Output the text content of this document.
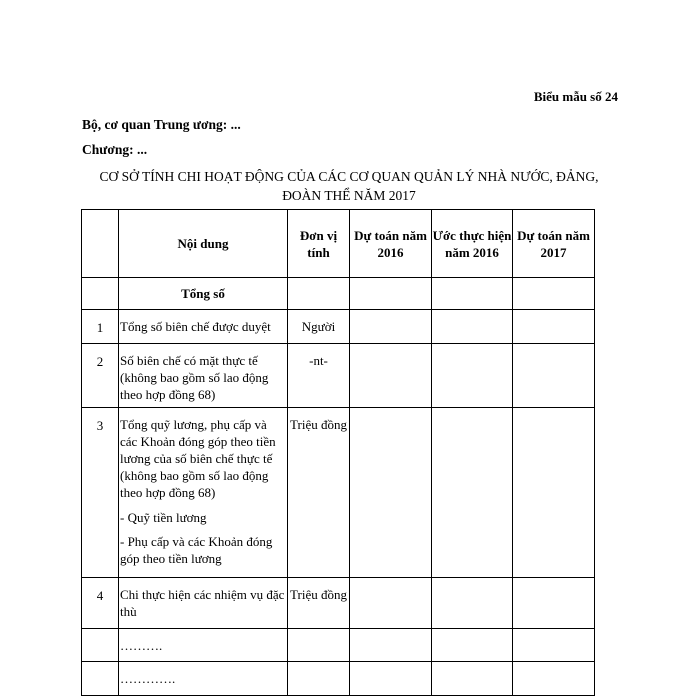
Biểu mẫu số 24
Bộ, cơ quan Trung ương: ...
Chương: ...
CƠ SỞ TÍNH CHI HOẠT ĐỘNG CỦA CÁC CƠ QUAN QUẢN LÝ NHÀ NƯỚC, ĐẢNG,
ĐOÀN THỂ NĂM 2017
	Nội dung	Đơn vị tính	Dự toán năm 2016	Ước thực hiện năm 2016	Dự toán năm 2017
	Tổng số				
1	Tổng số biên chế được duyệt	Người			
2	Số biên chế có mặt thực tế (không bao gồm số lao động theo hợp đồng 68)	-nt-			
3	Tổng quỹ lương, phụ cấp và các Khoản đóng góp theo tiền lương của số biên chế thực tế (không bao gồm số lao động theo hợp đồng 68)
- Quỹ tiền lương
- Phụ cấp và các Khoản đóng góp theo tiền lương	Triệu đồng			
4	Chi thực hiện các nhiệm vụ đặc thù	Triệu đồng			
	……….				
	………….				
